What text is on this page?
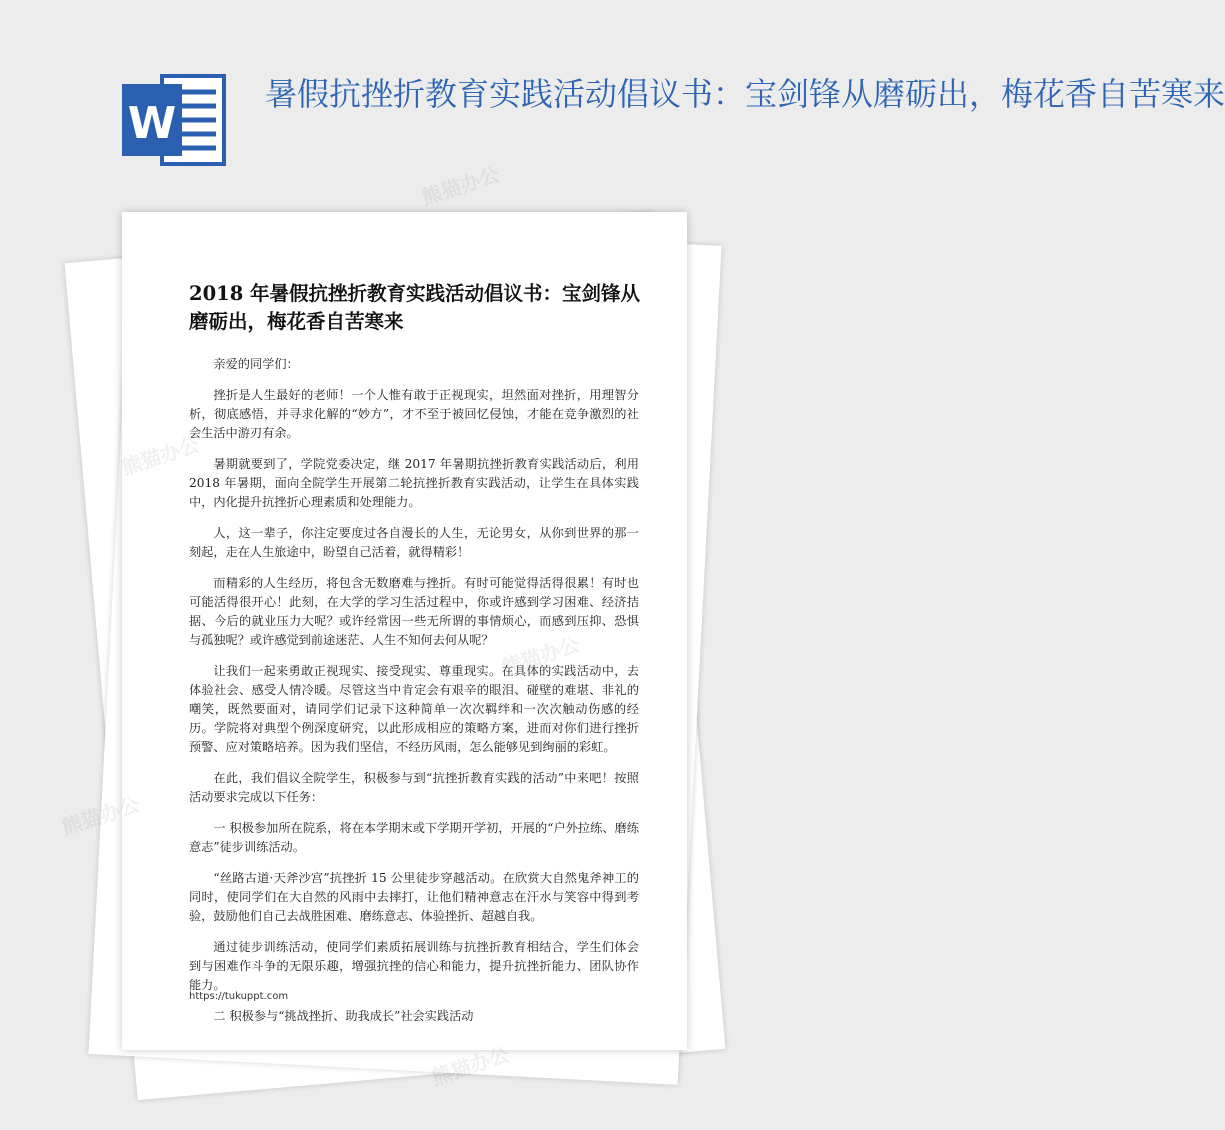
W
暑假抗挫折教育实践活动倡议书：宝剑锋从磨砺出，梅花香自苦寒来
2018 年暑假抗挫折教育实践活动倡议书：宝剑锋从磨砺出，梅花香自苦寒来

亲爱的同学们：

挫折是人生最好的老师！一个人惟有敢于正视现实，坦然面对挫折，用理智分析，彻底感悟，并寻求化解的“妙方”，才不至于被回忆侵蚀，才能在竞争激烈的社会生活中游刃有余。

暑期就要到了，学院党委决定，继 2017 年暑期抗挫折教育实践活动后，利用 2018 年暑期，面向全院学生开展第二轮抗挫折教育实践活动，让学生在具体实践中，内化提升抗挫折心理素质和处理能力。

人，这一辈子，你注定要度过各自漫长的人生，无论男女，从你到世界的那一刻起，走在人生旅途中，盼望自己活着，就得精彩！

而精彩的人生经历，将包含无数磨难与挫折。有时可能觉得活得很累！有时也可能活得很开心！此刻，在大学的学习生活过程中，你或许感到学习困难、经济拮据、今后的就业压力大呢？或许经常因一些无所谓的事情烦心，而感到压抑、恐惧与孤独呢？或许感觉到前途迷茫、人生不知何去何从呢？

让我们一起来勇敢正视现实、接受现实、尊重现实。在具体的实践活动中，去体验社会、感受人情冷暖。尽管这当中肯定会有艰辛的眼泪、碰壁的难堪、非礼的嘲笑，既然要面对，请同学们记录下这种简单一次次羁绊和一次次触动伤感的经历。学院将对典型个例深度研究，以此形成相应的策略方案，进而对你们进行挫折预警、应对策略培养。因为我们坚信，不经历风雨，怎么能够见到绚丽的彩虹。

在此，我们倡议全院学生，积极参与到“抗挫折教育实践的活动”中来吧！按照活动要求完成以下任务：

一 积极参加所在院系，将在本学期末或下学期开学初，开展的“户外拉练、磨练意志”徒步训练活动。

“丝路古道·天斧沙宫”抗挫折 15 公里徒步穿越活动。在欣赏大自然鬼斧神工的同时，使同学们在大自然的风雨中去摔打，让他们精神意志在汗水与笑容中得到考验，鼓励他们自己去战胜困难、磨练意志、体验挫折、超越自我。

通过徒步训练活动，使同学们素质拓展训练与抗挫折教育相结合，学生们体会到与困难作斗争的无限乐趣，增强抗挫的信心和能力，提升抗挫折能力、团队协作能力。

二 积极参与“挑战挫折、助我成长”社会实践活动

https://tukuppt.com
熊猫办公
